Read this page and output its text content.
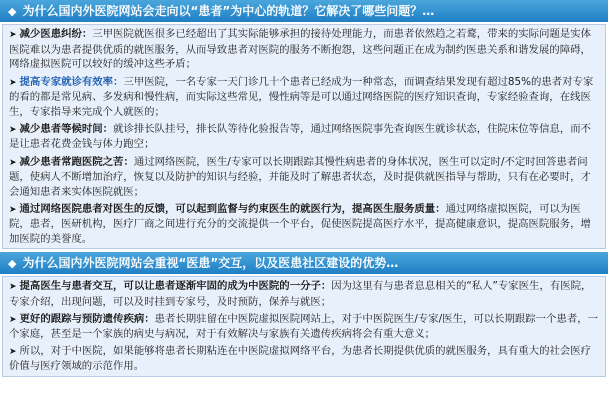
◆ 为什么国内外医院网站会走向以“患者”为中心的轨道？它解决了哪些问题？…

➤ 减少医患纠纷：三甲医院就医很多已经超出了其实际能够承担的接待处理能力，而患者依然趋之若鹜，带来的实际问题是实体医院难以为患者提供优质的就医服务，从而导致患者对医院的服务不断抱怨，这些问题正在成为制约医患关系和谐发展的障碍，网络虚拟医院可以较好的缓冲这些矛盾；

➤ 提高专家就诊有效率：三甲医院，一名专家一天门诊几十个患者已经成为一种常态，而调查结果发现有超过85%的患者对专家的看的都是常见病、多发病和慢性病，而实际这些常见，慢性病等是可以通过网络医院的医疗知识查询，专家经验查询，在线医生，专家指导来完成个人就医的；

➤ 减少患者等候时间：就诊排长队挂号，排长队等待化验报告等，通过网络医院事先查询医生就诊状态，住院床位等信息，而不是让患者花费金钱与体力跑空；

➤ 减少患者常跑医院之苦：通过网络医院，医生/专家可以长期跟踪其慢性病患者的身体状况，医生可以定时/不定时回答患者问题，使病人不断增加治疗，恢复以及防护的知识与经验，并能及时了解患者状态，及时提供就医指导与帮助，只有在必要时，才会通知患者来实体医院就医；

➤ 通过网络医院患者对医生的反馈，可以起到监督与约束医生的就医行为，提高医生服务质量：通过网络虚拟医院，可以为医院，患者，医研机构，医疗厂商之间进行充分的交流提供一个平台，促使医院提高医疗水平，提高健康意识，提高医院服务，增加医院的美誉度。

◆ 为什么国内外医院网站会重视“医患”交互，以及医患社区建设的优势…

➤ 提高医生与患者交互，可以让患者逐渐牢固的成为中医院的一分子：因为这里有与患者息息相关的“私人”专家医生，有医院，专家介绍，出现问题，可以及时挂到专家号，及时预防，保养与就医；

➤ 更好的跟踪与预防遗传疾病：患者长期驻留在中医院虚拟医院网站上，对于中医院医生/专家/医生，可以长期跟踪一个患者，一个家庭，甚至是一个家族的病史与病况，对于有效解决与家族有关遗传疾病将会有重大意义；

➤ 所以，对于中医院，如果能够将患者长期粘连在中医院虚拟网络平台，为患者长期提供优质的就医服务，具有重大的社会医疗价值与医疗领域的示范作用。
